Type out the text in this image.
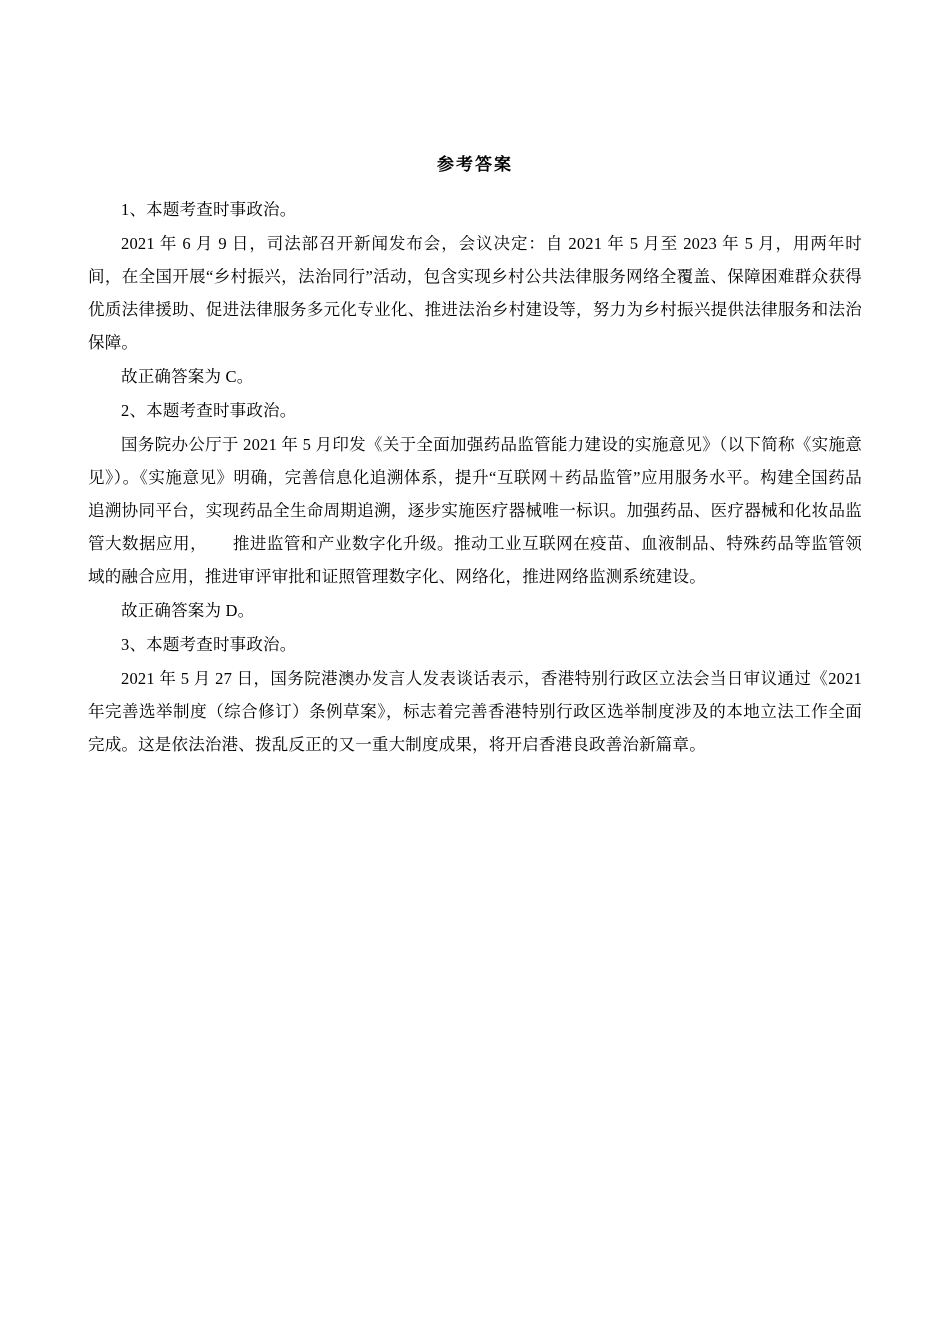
参考答案

1、本题考查时事政治。

2021 年 6 月 9 日，司法部召开新闻发布会，会议决定：自 2021 年 5 月至 2023 年 5 月，用两年时间，在全国开展“乡村振兴，法治同行”活动，包含实现乡村公共法律服务网络全覆盖、保障困难群众获得优质法律援助、促进法律服务多元化专业化、推进法治乡村建设等，努力为乡村振兴提供法律服务和法治保障。

故正确答案为 C。

2、本题考查时事政治。

国务院办公厅于 2021 年 5 月印发《关于全面加强药品监管能力建设的实施意见》（以下简称《实施意见》）。《实施意见》明确，完善信息化追溯体系，提升“互联网＋药品监管”应用服务水平。构建全国药品追溯协同平台，实现药品全生命周期追溯，逐步实施医疗器械唯一标识。加强药品、医疗器械和化妆品监管大数据应用，　　推进监管和产业数字化升级。推动工业互联网在疫苗、血液制品、特殊药品等监管领域的融合应用，推进审评审批和证照管理数字化、网络化，推进网络监测系统建设。

故正确答案为 D。

3、本题考查时事政治。

2021 年 5 月 27 日，国务院港澳办发言人发表谈话表示，香港特别行政区立法会当日审议通过《2021 年完善选举制度（综合修订）条例草案》，标志着完善香港特别行政区选举制度涉及的本地立法工作全面完成。这是依法治港、拨乱反正的又一重大制度成果，将开启香港良政善治新篇章。
